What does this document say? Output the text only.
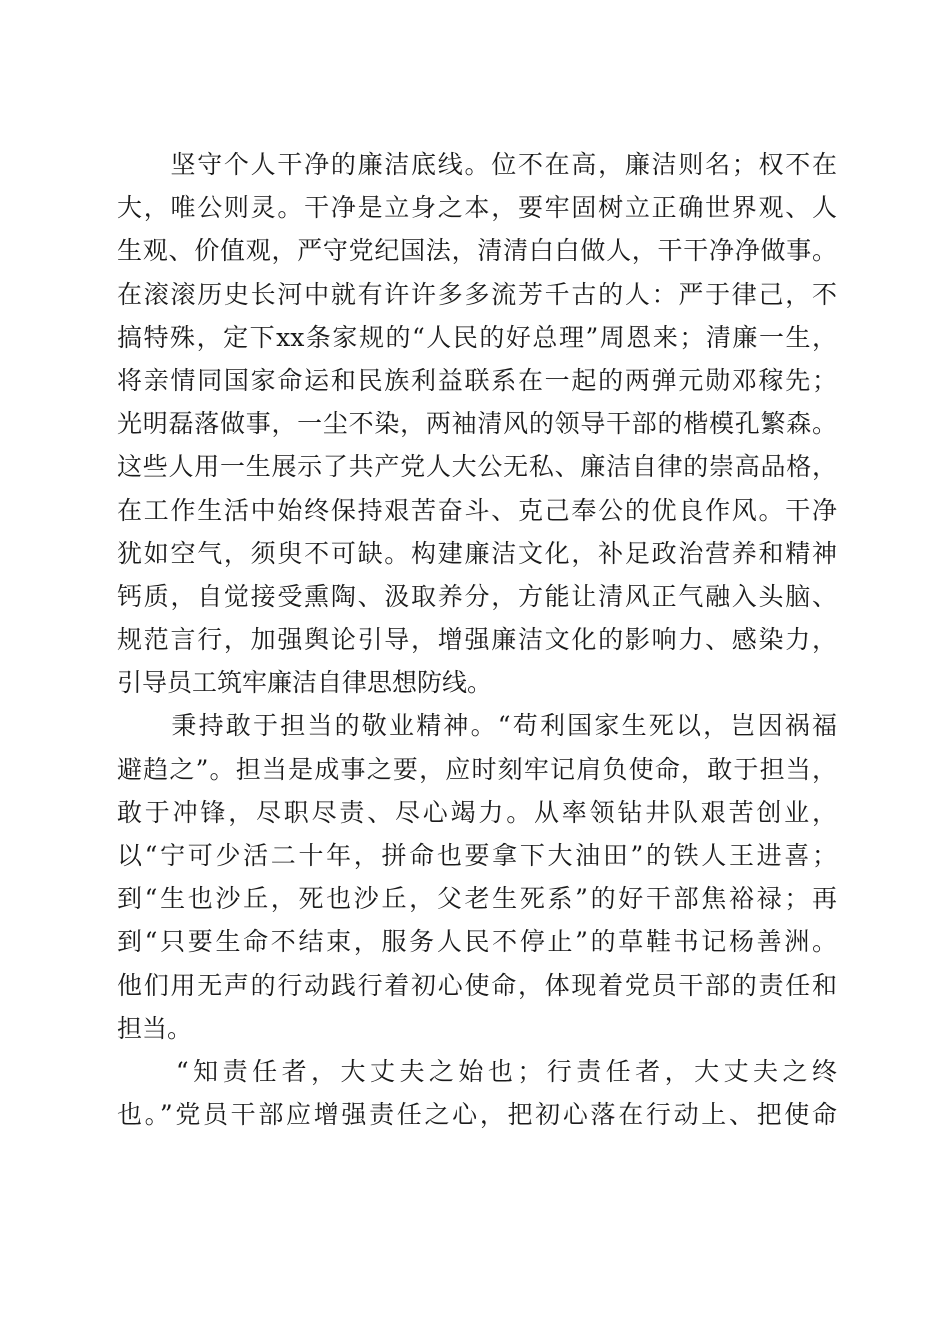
　　坚守个人干净的廉洁底线。位不在高，廉洁则名；权不在
大，唯公则灵。干净是立身之本，要牢固树立正确世界观、人
生观、价值观，严守党纪国法，清清白白做人，干干净净做事。
在滚滚历史长河中就有许许多多流芳千古的人：严于律己，不
搞特殊，定下xx条家规的“人民的好总理”周恩来；清廉一生，
将亲情同国家命运和民族利益联系在一起的两弹元勋邓稼先；
光明磊落做事，一尘不染，两袖清风的领导干部的楷模孔繁森。
这些人用一生展示了共产党人大公无私、廉洁自律的崇高品格，
在工作生活中始终保持艰苦奋斗、克己奉公的优良作风。干净
犹如空气，须臾不可缺。构建廉洁文化，补足政治营养和精神
钙质，自觉接受熏陶、汲取养分，方能让清风正气融入头脑、
规范言行，加强舆论引导，增强廉洁文化的影响力、感染力，
引导员工筑牢廉洁自律思想防线。

　　秉持敢于担当的敬业精神。“苟利国家生死以，岂因祸福
避趋之”。担当是成事之要，应时刻牢记肩负使命，敢于担当，
敢于冲锋，尽职尽责、尽心竭力。从率领钻井队艰苦创业，
以“宁可少活二十年，拼命也要拿下大油田”的铁人王进喜；
到“生也沙丘，死也沙丘，父老生死系”的好干部焦裕禄；再
到“只要生命不结束，服务人民不停止”的草鞋书记杨善洲。
他们用无声的行动践行着初心使命，体现着党员干部的责任和
担当。

　　“知责任者，大丈夫之始也；行责任者，大丈夫之终
也。”党员干部应增强责任之心，把初心落在行动上、把使命
